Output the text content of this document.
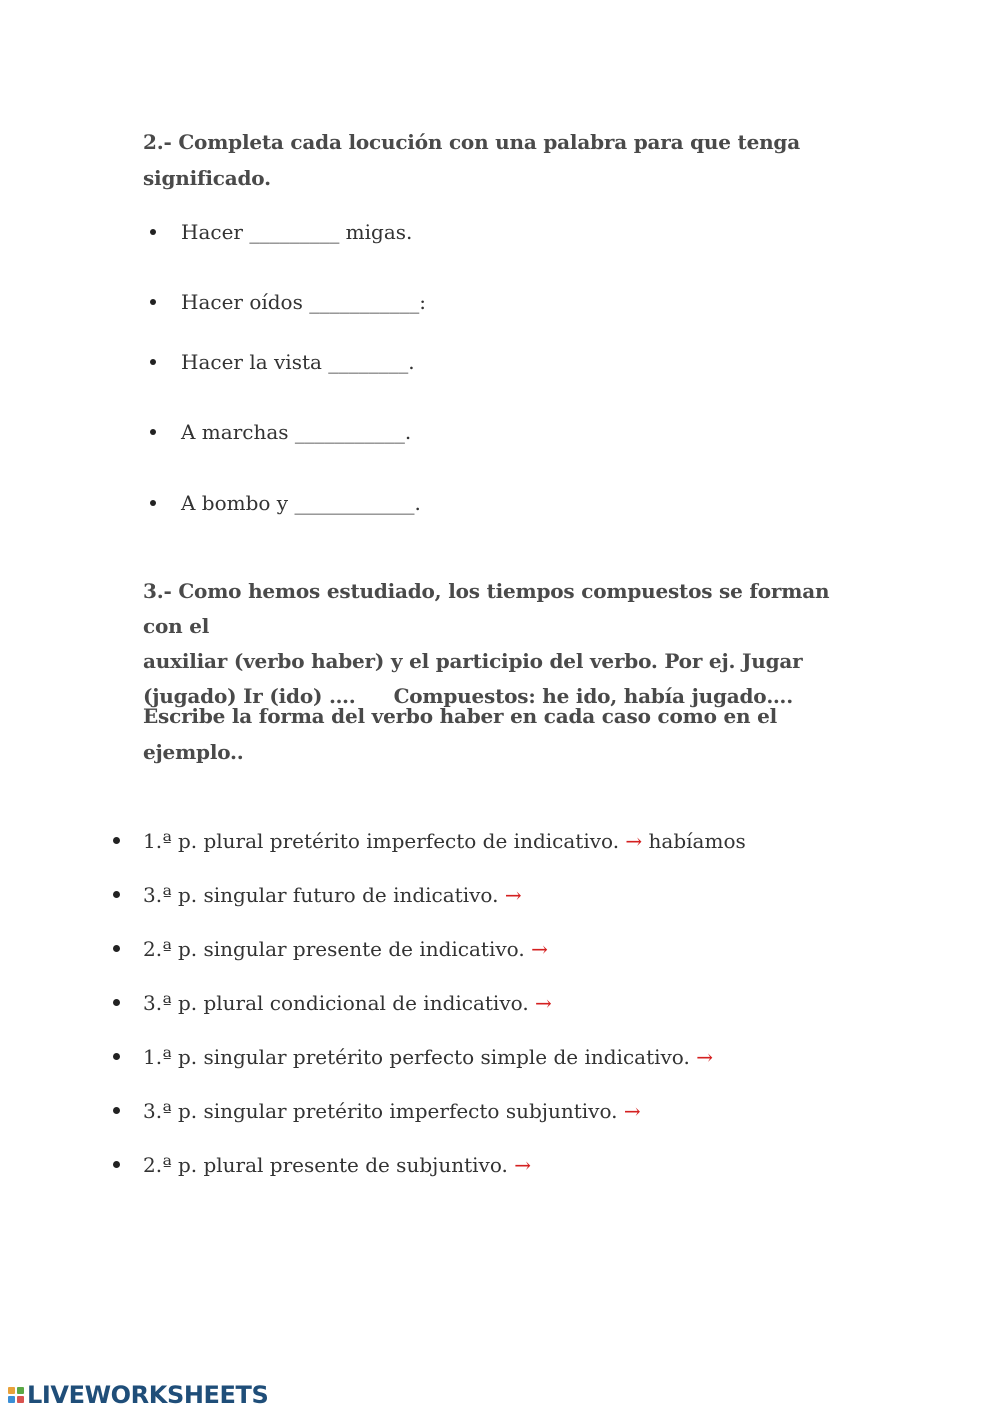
2.- Completa cada locución con una palabra para que tenga

significado.

Hacer _________ migas.
Hacer oídos ___________:
Hacer la vista ________.
A marchas ___________.
A bombo y ____________.

3.- Como hemos estudiado, los tiempos compuestos se forman con el

auxiliar (verbo haber) y el participio del verbo. Por ej. Jugar

(jugado) Ir (ido) …. Compuestos: he ido, había jugado….

Escribe la forma del verbo haber en cada caso como en el ejemplo..

1.ª p. plural pretérito imperfecto de indicativo. → habíamos
3.ª p. singular futuro de indicativo. →
2.ª p. singular presente de indicativo. →
3.ª p. plural condicional de indicativo. →
1.ª p. singular pretérito perfecto simple de indicativo. →
3.ª p. singular pretérito imperfecto subjuntivo. →
2.ª p. plural presente de subjuntivo. →
LIVEWORKSHEETS
